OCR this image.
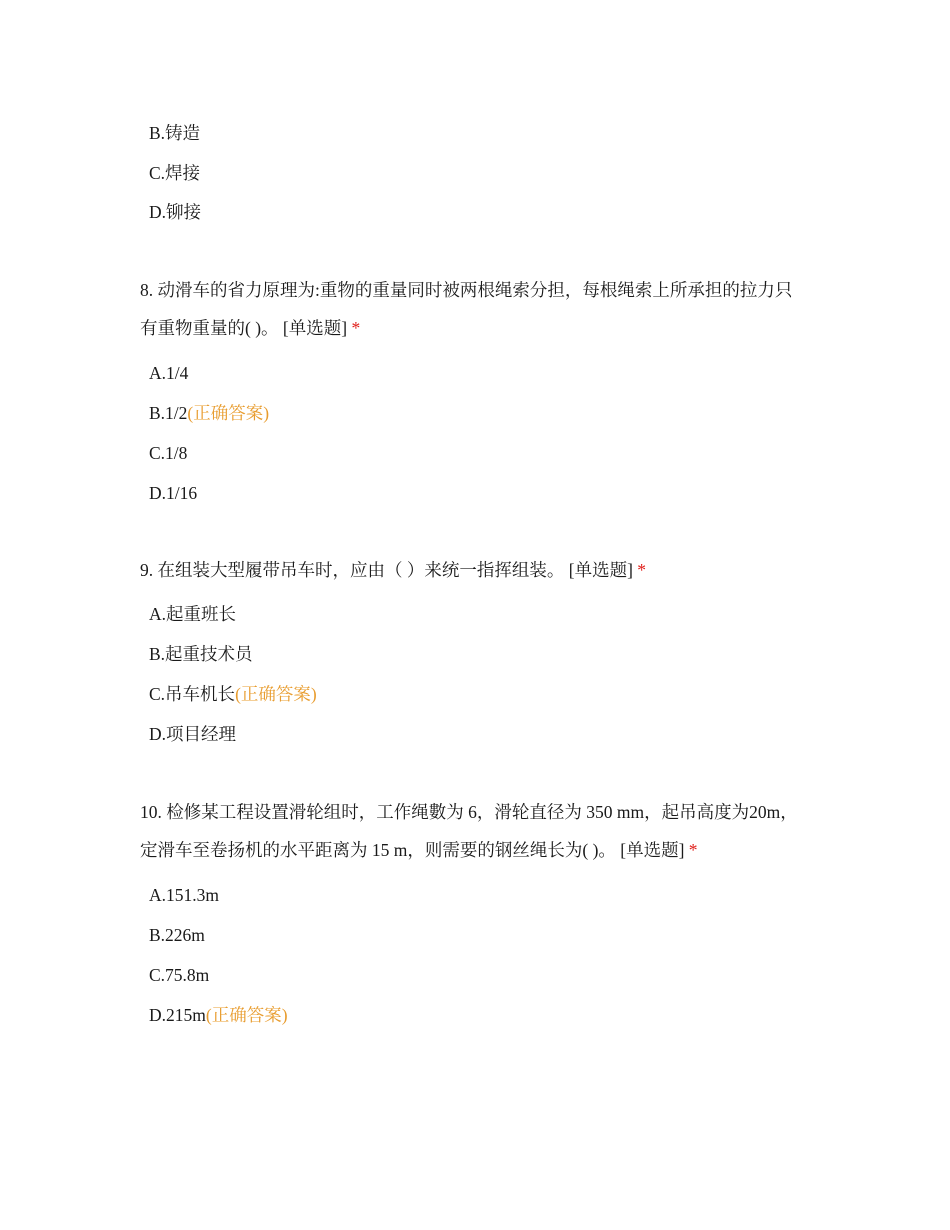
B.铸造
C.焊接
D.铆接
8. 动滑车的省力原理为:重物的重量同时被两根绳索分担，每根绳索上所承担的拉力只有重物重量的( )。 [单选题] *
A.1/4
B.1/2(正确答案)
C.1/8
D.1/16
9. 在组装大型履带吊车时，应由（ ）来统一指挥组装。 [单选题] *
A.起重班长
B.起重技术员
C.吊车机长(正确答案)
D.项目经理
10. 检修某工程设置滑轮组时，工作绳數为 6，滑轮直径为 350 mm，起吊高度为20m，定滑车至卷扬机的水平距离为 15 m，则需要的钢丝绳长为( )。 [单选题] *
A.151.3m
B.226m
C.75.8m
D.215m(正确答案)
